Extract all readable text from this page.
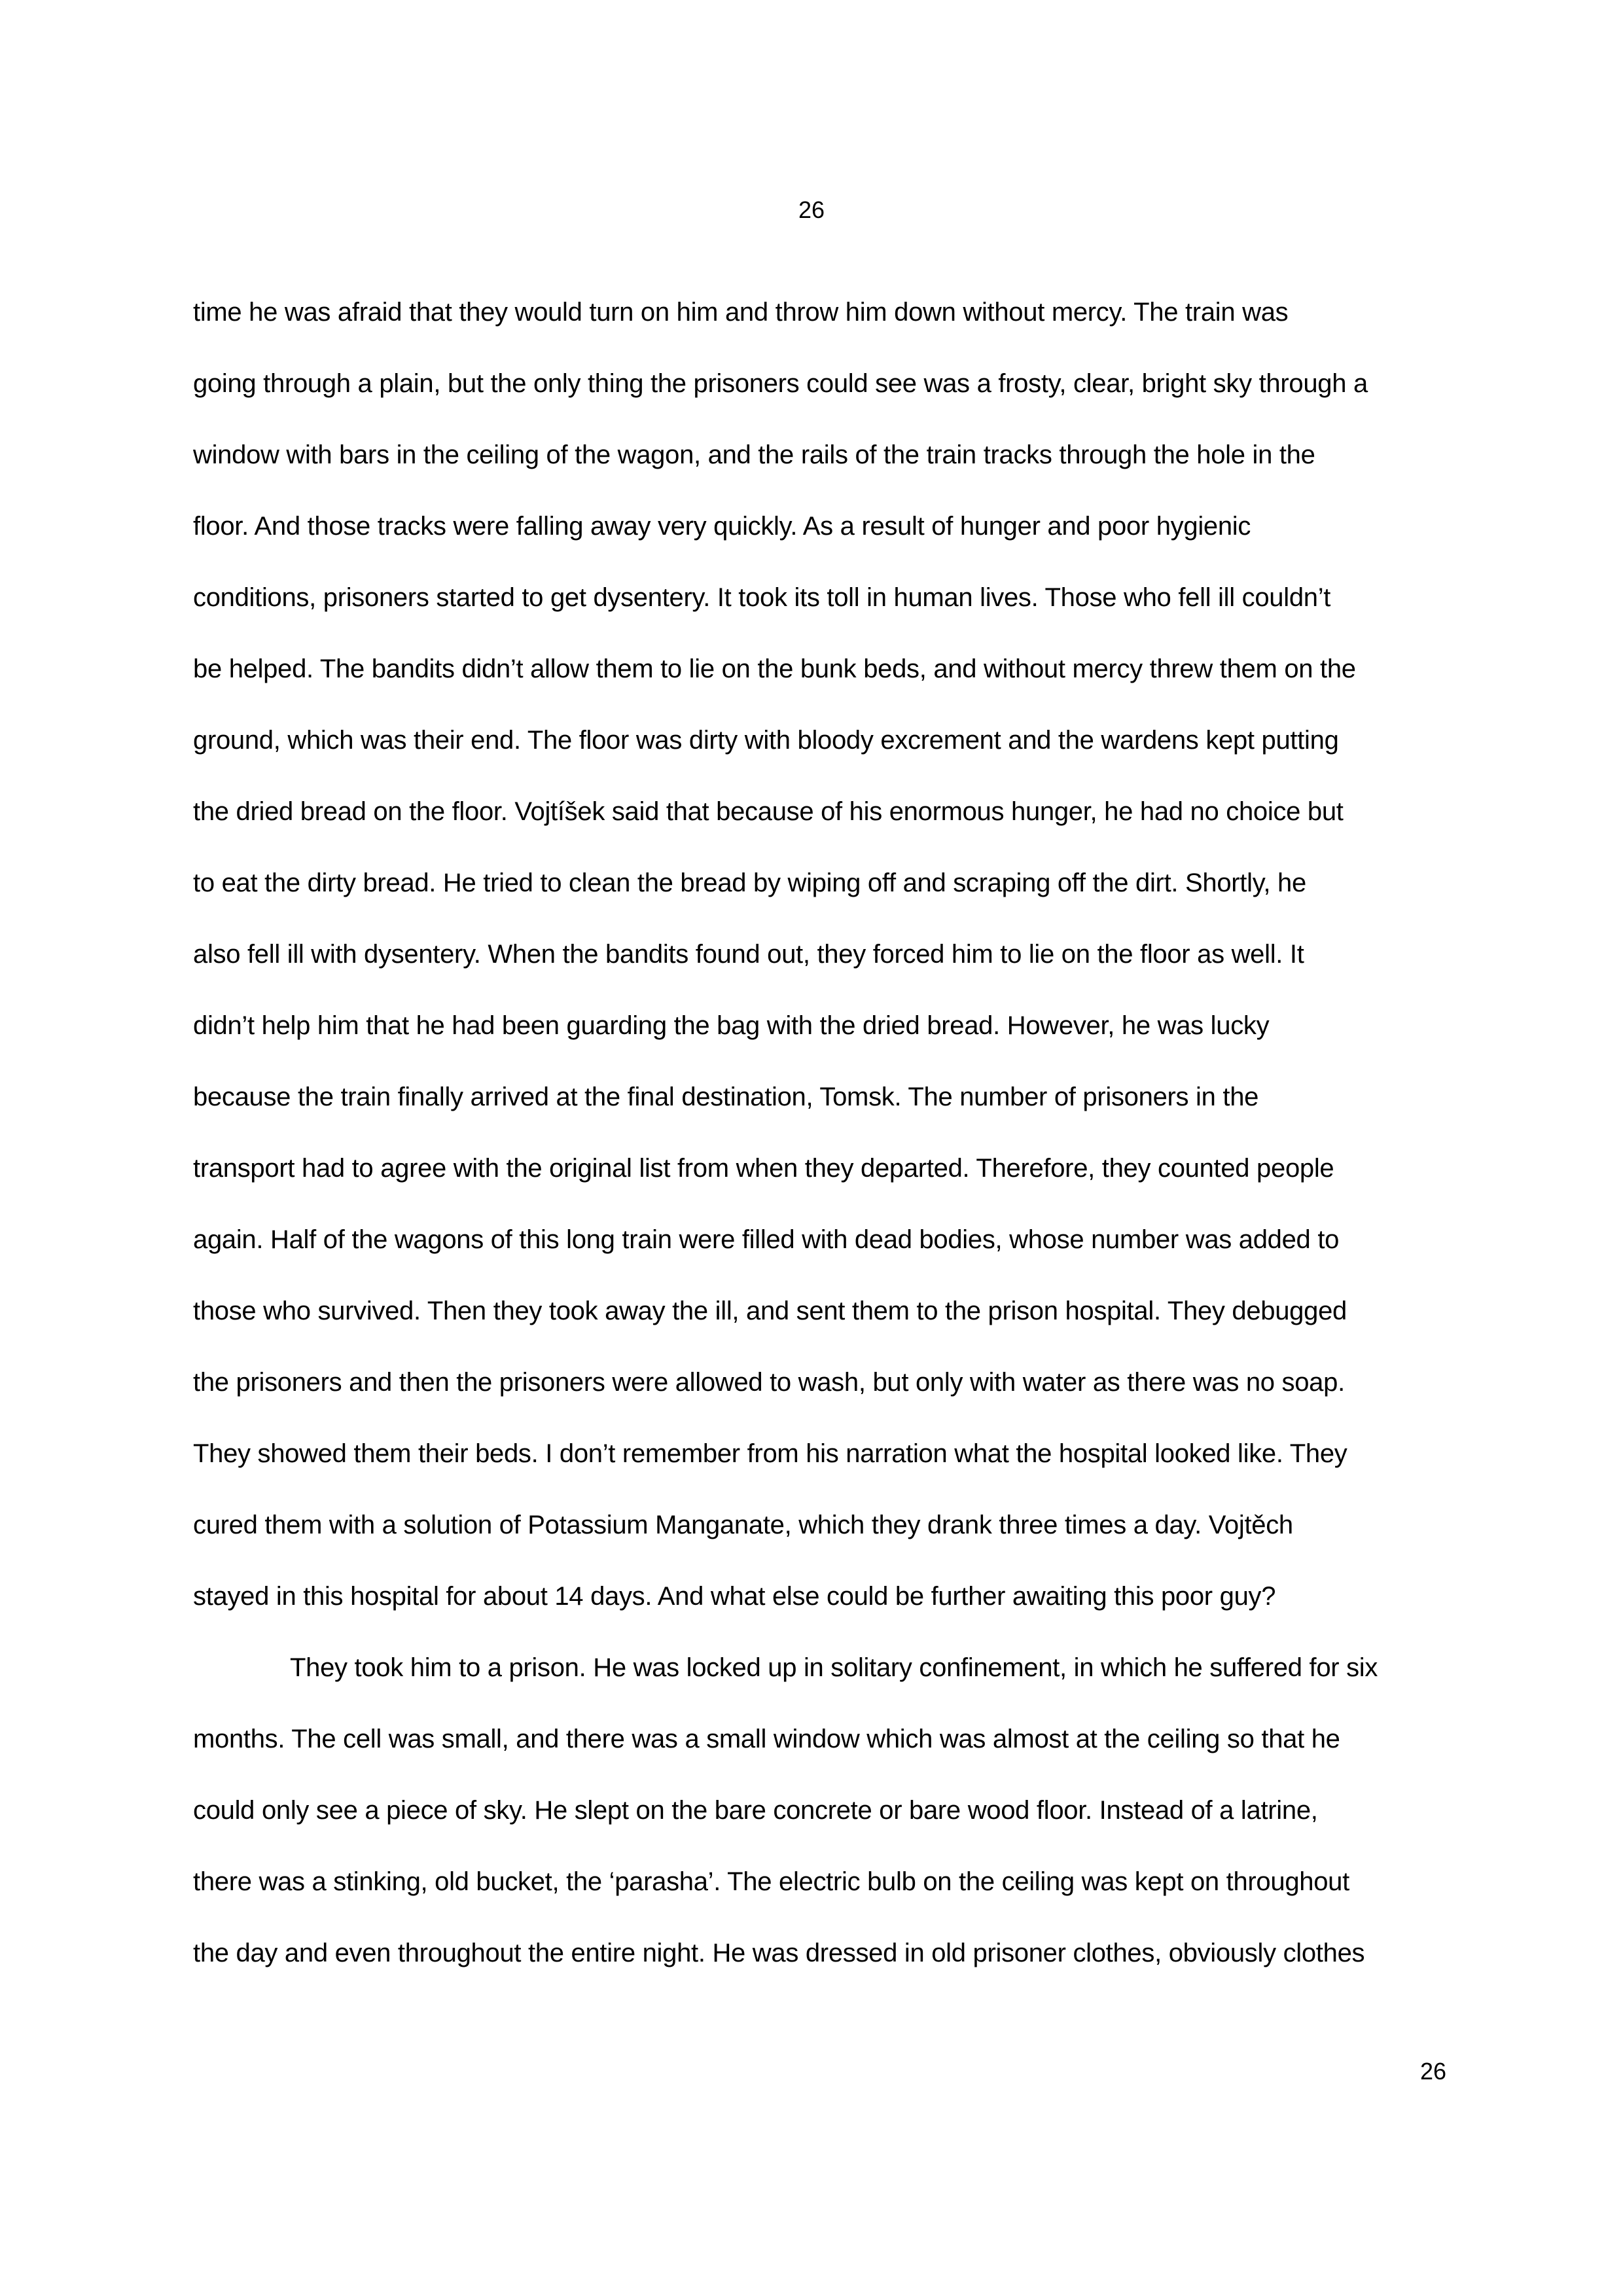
26
time he was afraid that they would turn on him and throw him down without mercy. The train was
going through a plain, but the only thing the prisoners could see was a frosty, clear, bright sky through a
window with bars in the ceiling of the wagon, and the rails of the train tracks through the hole in the
floor. And those tracks were falling away very quickly. As a result of hunger and poor hygienic
conditions, prisoners started to get dysentery. It took its toll in human lives. Those who fell ill couldn’t
be helped. The bandits didn’t allow them to lie on the bunk beds, and without mercy threw them on the
ground, which was their end. The floor was dirty with bloody excrement and the wardens kept putting
the dried bread on the floor. Vojtíšek said that because of his enormous hunger, he had no choice but
to eat the dirty bread. He tried to clean the bread by wiping off and scraping off the dirt. Shortly, he
also fell ill with dysentery. When the bandits found out, they forced him to lie on the floor as well. It
didn’t help him that he had been guarding the bag with the dried bread. However, he was lucky
because the train finally arrived at the final destination, Tomsk. The number of prisoners in the
transport had to agree with the original list from when they departed. Therefore, they counted people
again. Half of the wagons of this long train were filled with dead bodies, whose number was added to
those who survived. Then they took away the ill, and sent them to the prison hospital. They debugged
the prisoners and then the prisoners were allowed to wash, but only with water as there was no soap.
They showed them their beds. I don’t remember from his narration what the hospital looked like. They
cured them with a solution of Potassium Manganate, which they drank three times a day. Vojtěch
stayed in this hospital for about 14 days. And what else could be further awaiting this poor guy?
They took him to a prison. He was locked up in solitary confinement, in which he suffered for six
months. The cell was small, and there was a small window which was almost at the ceiling so that he
could only see a piece of sky. He slept on the bare concrete or bare wood floor. Instead of a latrine,
there was a stinking, old bucket, the ‘parasha’. The electric bulb on the ceiling was kept on throughout
the day and even throughout the entire night. He was dressed in old prisoner clothes, obviously clothes
26
